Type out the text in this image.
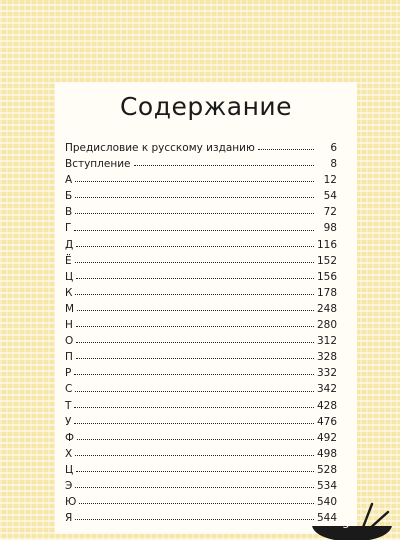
Содержание
Предисловие к русскому изданию	6
Вступление	8
А	12
Б	54
В	72
Г	98
Д	116
Ё	152
Ц	156
К	178
М	248
Н	280
О	312
П	328
Р	332
С	342
Т	428
У	476
Ф	492
Х	498
Ц	528
Э	534
Ю	540
Я	544 5
